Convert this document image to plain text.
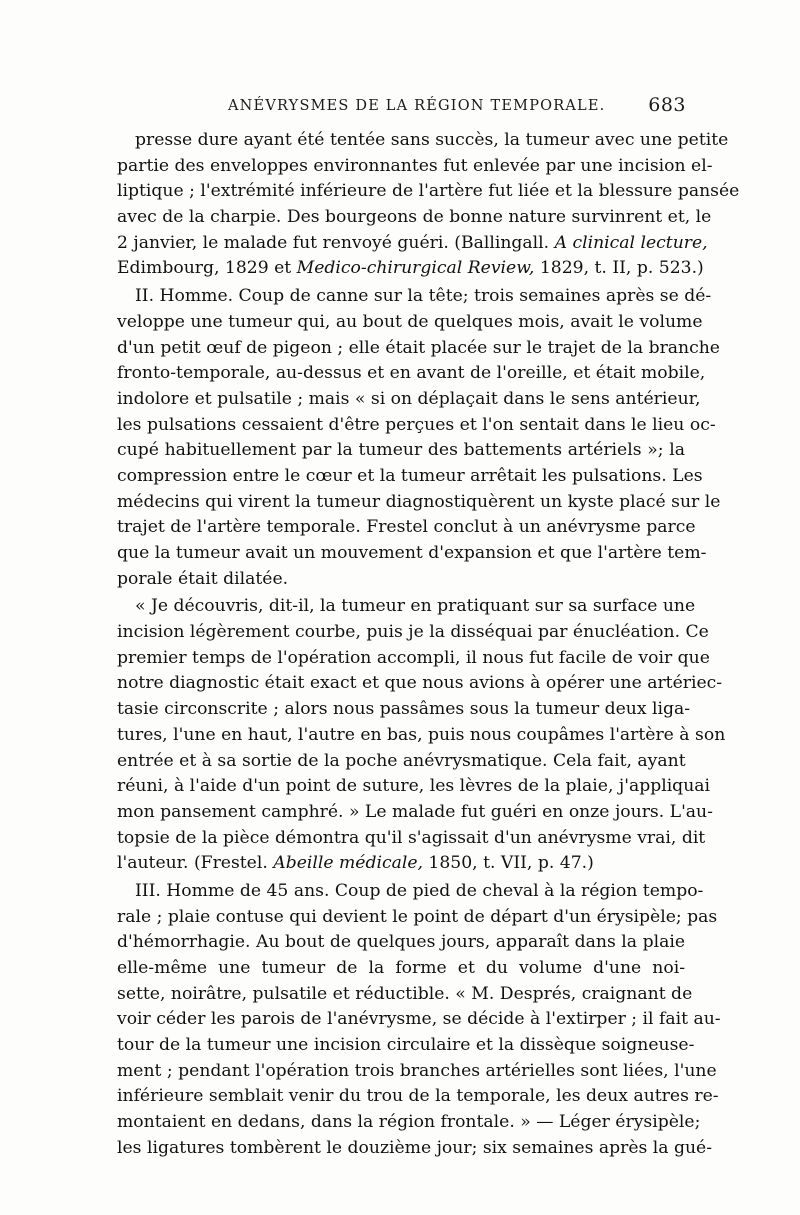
ANÉVRYSMES DE LA RÉGION TEMPORALE. 683
presse dure ayant été tentée sans succès, la tumeur avec une petite
partie des enveloppes environnantes fut enlevée par une incision el-
liptique ; l'extrémité inférieure de l'artère fut liée et la blessure pansée
avec de la charpie. Des bourgeons de bonne nature survinrent et, le
2 janvier, le malade fut renvoyé guéri. (Ballingall. A clinical lecture,
Edimbourg, 1829 et Medico-chirurgical Review, 1829, t. II, p. 523.)
II. Homme. Coup de canne sur la tête; trois semaines après se dé-
veloppe une tumeur qui, au bout de quelques mois, avait le volume
d'un petit œuf de pigeon ; elle était placée sur le trajet de la branche
fronto-temporale, au-dessus et en avant de l'oreille, et était mobile,
indolore et pulsatile ; mais « si on déplaçait dans le sens antérieur,
les pulsations cessaient d'être perçues et l'on sentait dans le lieu oc-
cupé habituellement par la tumeur des battements artériels »; la
compression entre le cœur et la tumeur arrêtait les pulsations. Les
médecins qui virent la tumeur diagnostiquèrent un kyste placé sur le
trajet de l'artère temporale. Frestel conclut à un anévrysme parce
que la tumeur avait un mouvement d'expansion et que l'artère tem-
porale était dilatée.
« Je découvris, dit-il, la tumeur en pratiquant sur sa surface une
incision légèrement courbe, puis je la disséquai par énucléation. Ce
premier temps de l'opération accompli, il nous fut facile de voir que
notre diagnostic était exact et que nous avions à opérer une artériec-
tasie circonscrite ; alors nous passâmes sous la tumeur deux liga-
tures, l'une en haut, l'autre en bas, puis nous coupâmes l'artère à son
entrée et à sa sortie de la poche anévrysmatique. Cela fait, ayant
réuni, à l'aide d'un point de suture, les lèvres de la plaie, j'appliquai
mon pansement camphré. » Le malade fut guéri en onze jours. L'au-
topsie de la pièce démontra qu'il s'agissait d'un anévrysme vrai, dit
l'auteur. (Frestel. Abeille médicale, 1850, t. VII, p. 47.)
III. Homme de 45 ans. Coup de pied de cheval à la région tempo-
rale ; plaie contuse qui devient le point de départ d'un érysipèle; pas
d'hémorrhagie. Au bout de quelques jours, apparaît dans la plaie
elle-même une tumeur de la forme et du volume d'une noi-
sette, noirâtre, pulsatile et réductible. « M. Després, craignant de
voir céder les parois de l'anévrysme, se décide à l'extirper ; il fait au-
tour de la tumeur une incision circulaire et la dissèque soigneuse-
ment ; pendant l'opération trois branches artérielles sont liées, l'une
inférieure semblait venir du trou de la temporale, les deux autres re-
montaient en dedans, dans la région frontale. » — Léger érysipèle;
les ligatures tombèrent le douzième jour; six semaines après la gué-
